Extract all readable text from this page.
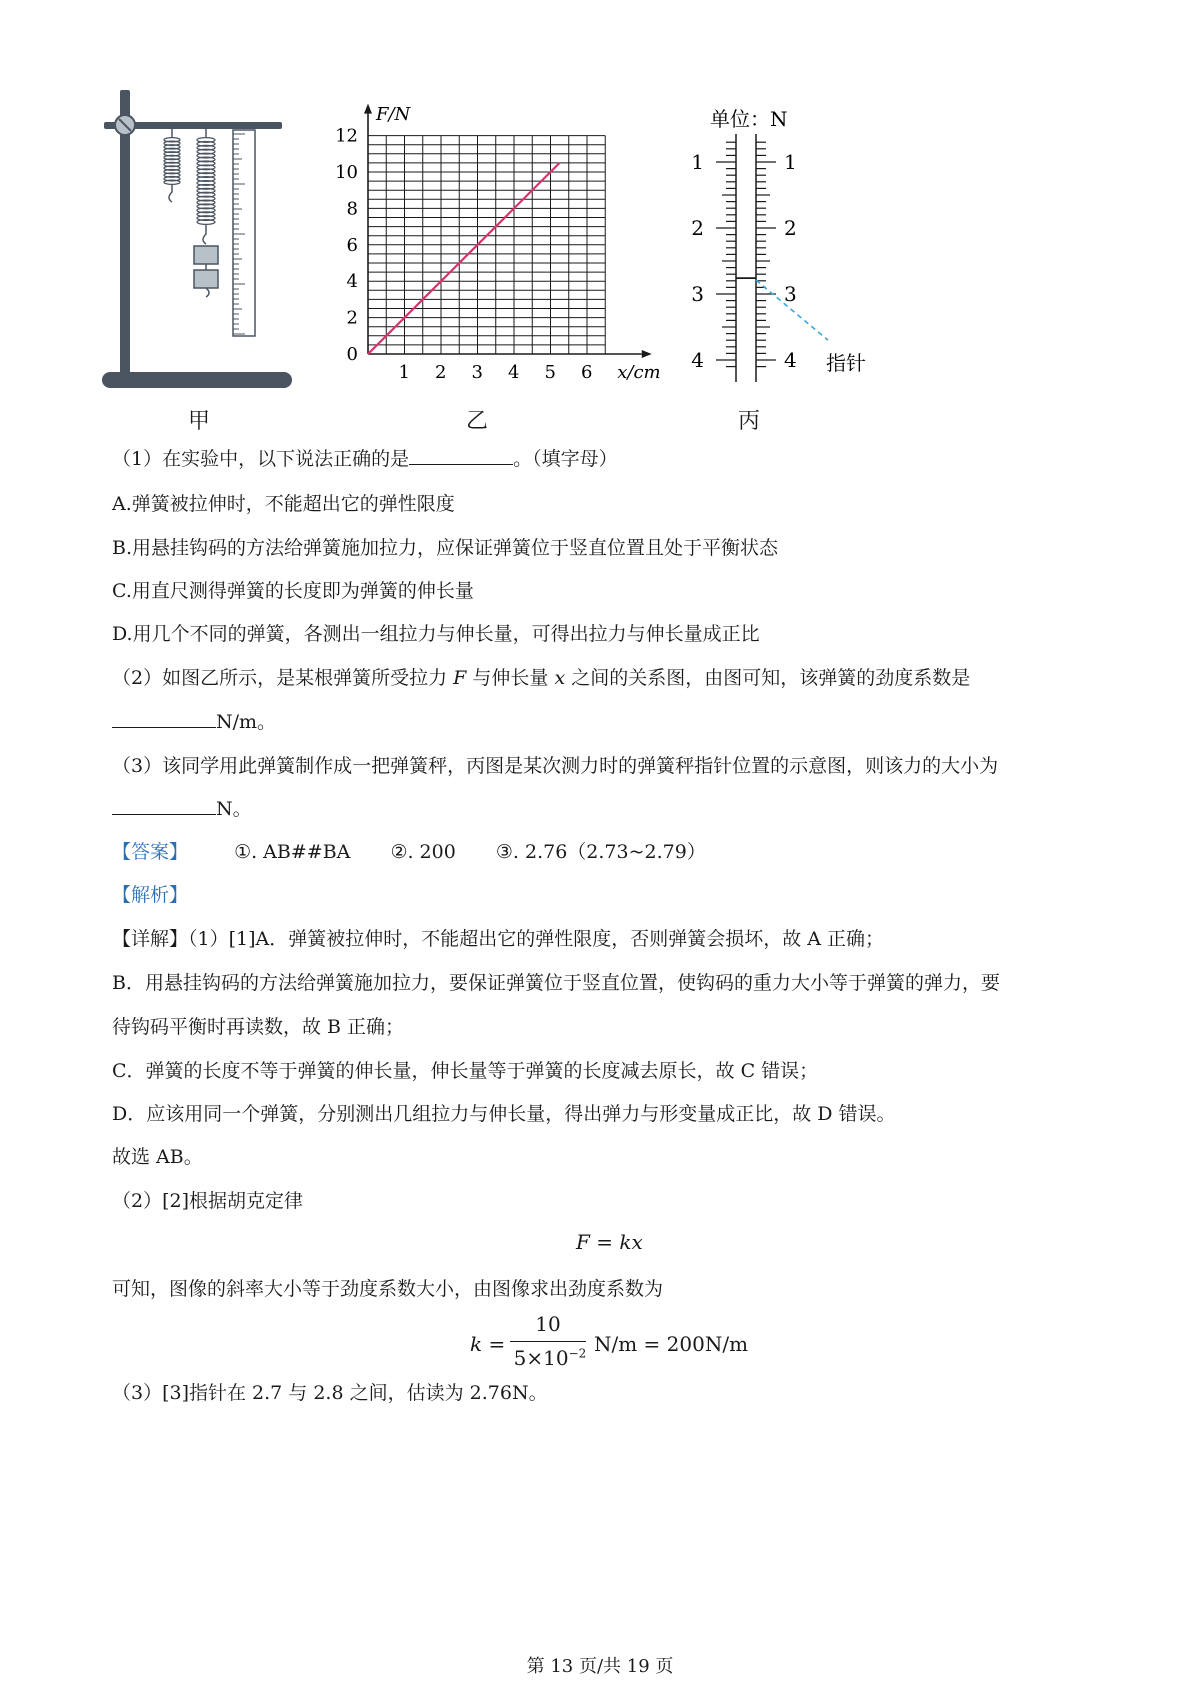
甲
F/N
x/cm
1 2 3 4 5 6
0
2
4
6
8
10
12
乙
单位：N
1
2
3
4
1
2
3
4 指针
丙
（1）在实验中，以下说法正确的是	。（填字母）
A.弹簧被拉伸时，不能超出它的弹性限度
B.用悬挂钩码的方法给弹簧施加拉力，应保证弹簧位于竖直位置且处于平衡状态
C.用直尺测得弹簧的长度即为弹簧的伸长量
D.用几个不同的弹簧，各测出一组拉力与伸长量，可得出拉力与伸长量成正比
（2）如图乙所示，是某根弹簧所受拉力 F 与伸长量 x 之间的关系图，由图可知，该弹簧的劲度系数是
N/m。
（3）该同学用此弹簧制作成一把弹簧秤，丙图是某次测力时的弹簧秤指针位置的示意图，则该力的大小为
N。
【答案】 ①. AB##BA ②. 200 ③. 2.76（2.73~2.79）
【解析】
【详解】（1）[1]A．弹簧被拉伸时，不能超出它的弹性限度，否则弹簧会损坏，故 A 正确；
B．用悬挂钩码的方法给弹簧施加拉力，要保证弹簧位于竖直位置，使钩码的重力大小等于弹簧的弹力，要
待钩码平衡时再读数，故 B 正确；
C．弹簧的长度不等于弹簧的伸长量，伸长量等于弹簧的长度减去原长，故 C 错误；
D．应该用同一个弹簧，分别测出几组拉力与伸长量，得出弹力与形变量成正比，故 D 错误。
故选 AB。
（2）[2]根据胡克定律
F = kx
可知，图像的斜率大小等于劲度系数大小，由图像求出劲度系数为
k =
10
$5\times 10^{-2}$ N/m = 200N/m
（3）[3]指针在 2.7 与 2.8 之间，估读为 2.76N。
第 13 页/共 19 页
